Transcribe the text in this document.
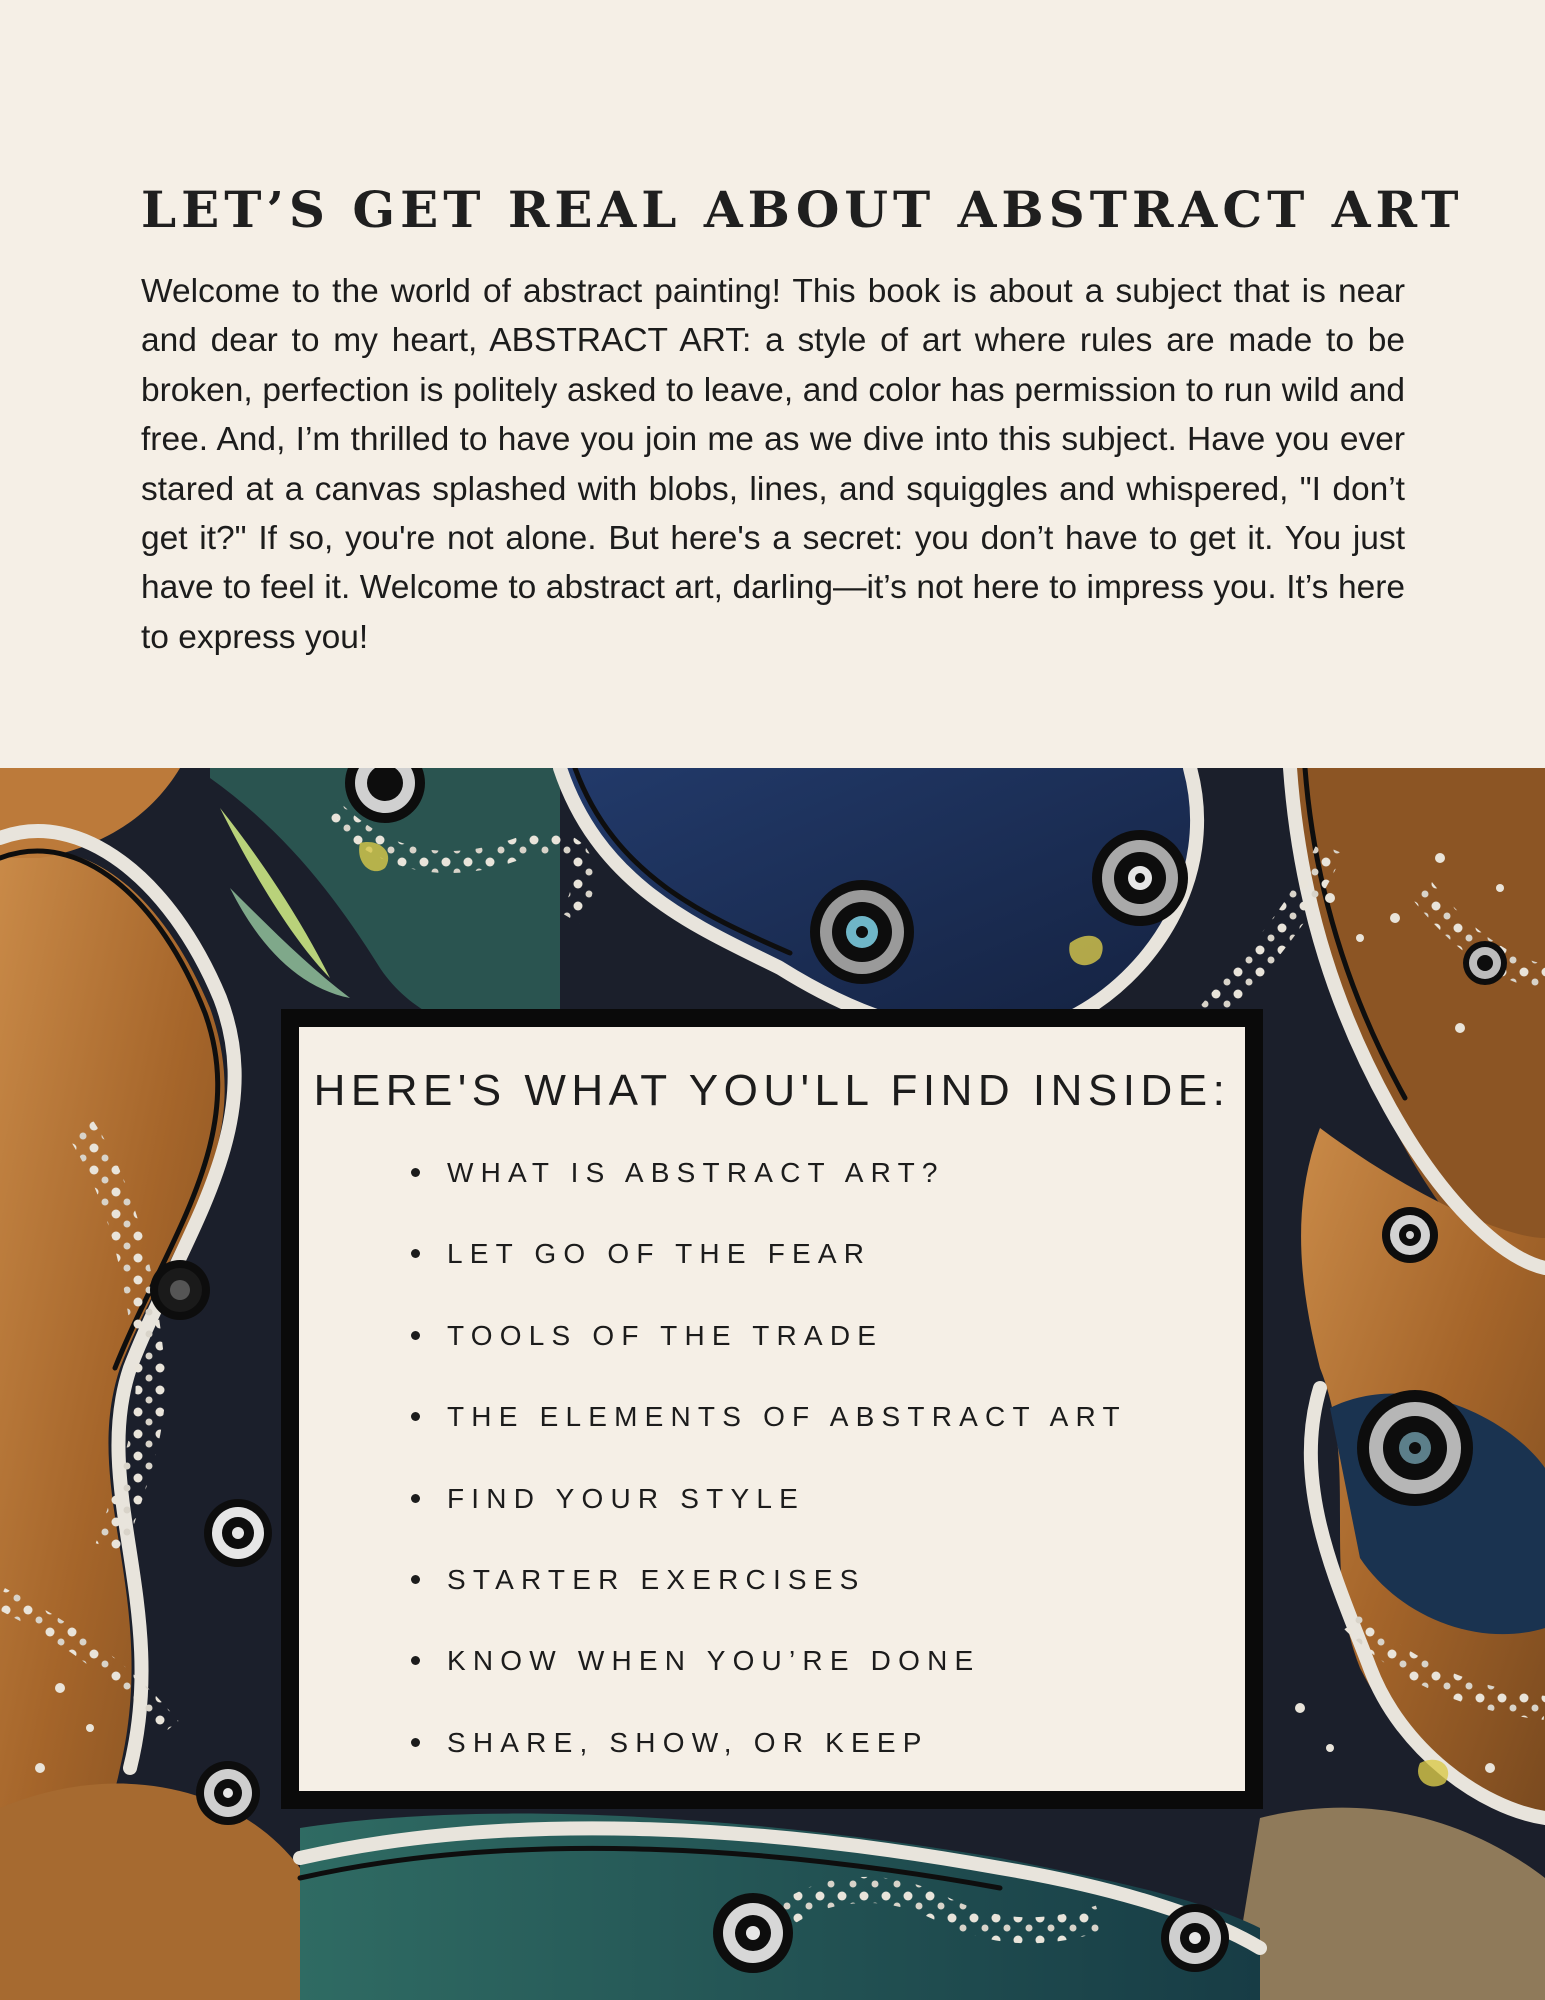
LET’S GET REAL ABOUT ABSTRACT ART

Welcome to the world of abstract painting! This book is about a subject that is near and dear to my heart, ABSTRACT ART: a style of art where rules are made to be broken, perfection is politely asked to leave, and color has permission to run wild and free. And, I’m thrilled to have you join me as we dive into this subject. Have you ever stared at a canvas splashed with blobs, lines, and squiggles and whispered, "I don’t get it?" If so, you're not alone. But here's a secret: you don’t have to get it. You just have to feel it. Welcome to abstract art, darling—it’s not here to impress you. It’s here to express you!

HERE'S WHAT YOU'LL FIND INSIDE:
WHAT IS ABSTRACT ART?
LET GO OF THE FEAR
TOOLS OF THE TRADE
THE ELEMENTS OF ABSTRACT ART
FIND YOUR STYLE
STARTER EXERCISES
KNOW WHEN YOU’RE DONE
SHARE, SHOW, OR KEEP
